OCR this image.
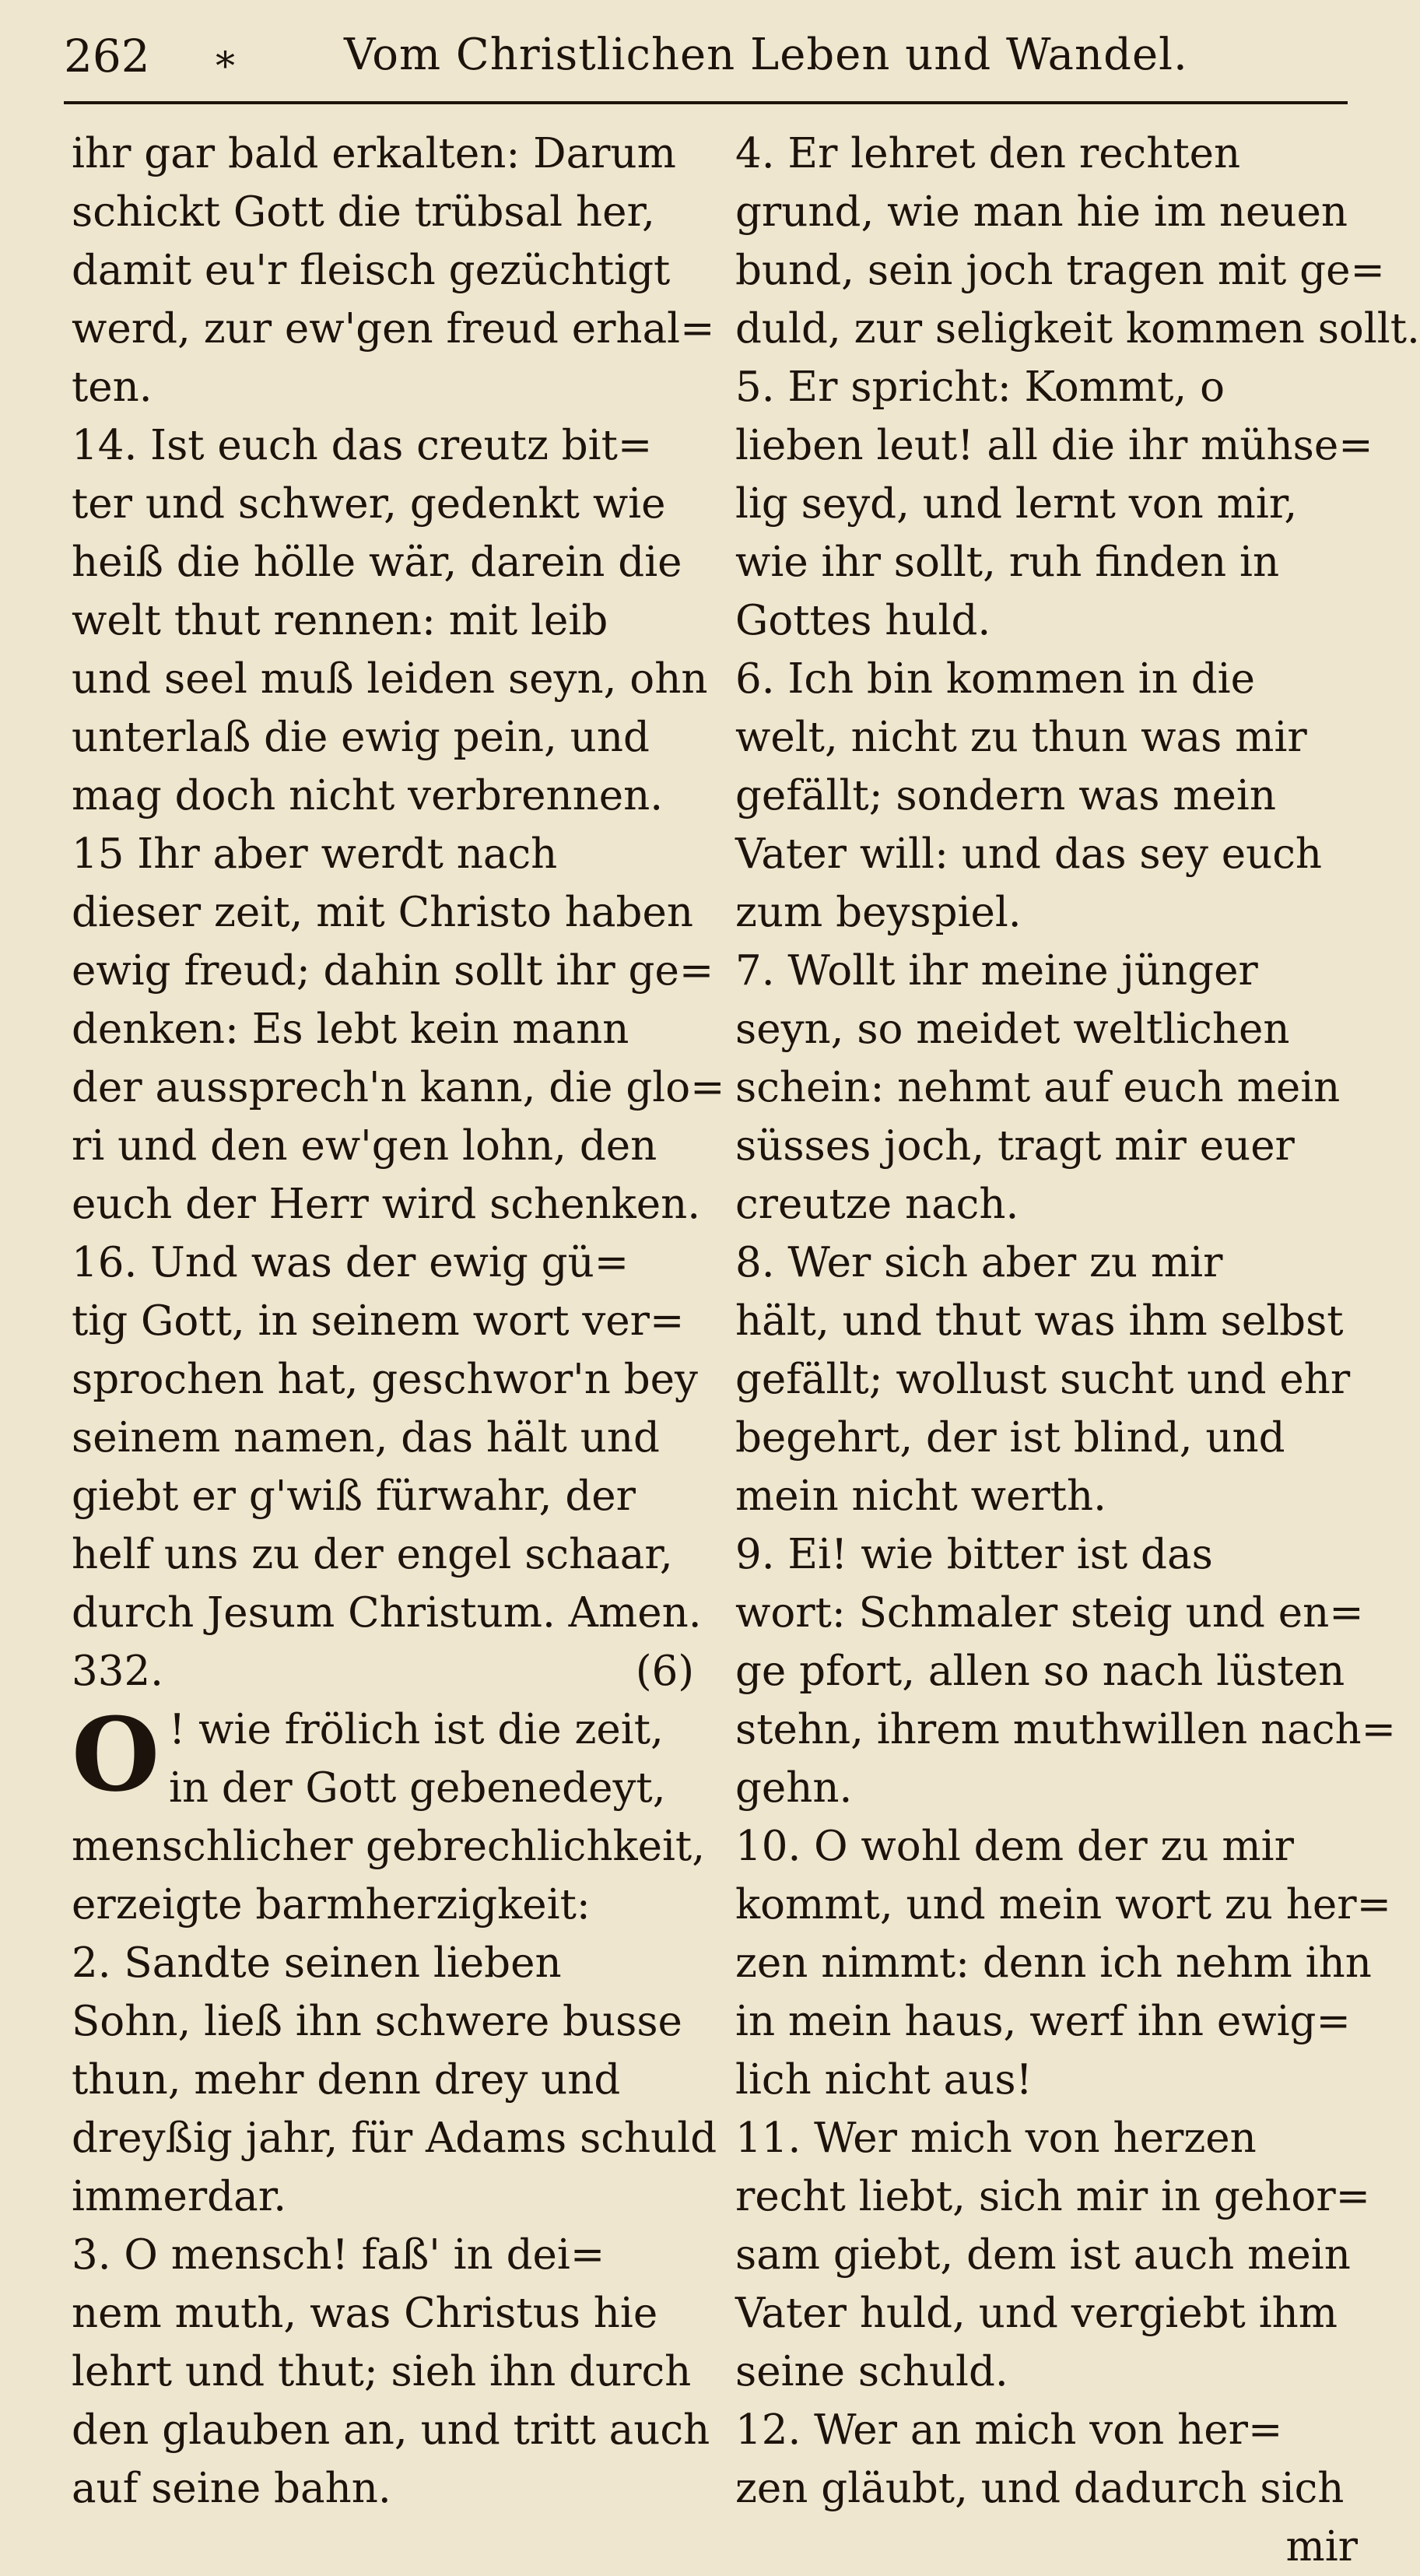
262 ⁎	Vom Christlichen Leben und Wandel.
ihr gar bald erkalten: Darum
schickt Gott die trübsal her,
damit eu'r fleisch gezüchtigt
werd, zur ew'gen freud erhal=
ten.
14. Ist euch das creutz bit=
ter und schwer, gedenkt wie
heiß die hölle wär, darein die
welt thut rennen: mit leib
und seel muß leiden seyn, ohn
unterlaß die ewig pein, und
mag doch nicht verbrennen.
15 Ihr aber werdt nach
dieser zeit, mit Christo haben
ewig freud; dahin sollt ihr ge=
denken: Es lebt kein mann
der aussprech'n kann, die glo=
ri und den ew'gen lohn, den
euch der Herr wird schenken.
16. Und was der ewig gü=
tig Gott, in seinem wort ver=
sprochen hat, geschwor'n bey
seinem namen, das hält und
giebt er g'wiß fürwahr, der
helf uns zu der engel schaar,
durch Jesum Christum. Amen.
332.	(6)
O ! wie frölich ist die zeit,
in der Gott gebenedeyt,
menschlicher gebrechlichkeit,
erzeigte barmherzigkeit:
2. Sandte seinen lieben
Sohn, ließ ihn schwere busse
thun, mehr denn drey und
dreyßig jahr, für Adams schuld
immerdar.
3. O mensch! faß' in dei=
nem muth, was Christus hie
lehrt und thut; sieh ihn durch
den glauben an, und tritt auch
auf seine bahn.
4. Er lehret den rechten
grund, wie man hie im neuen
bund, sein joch tragen mit ge=
duld, zur seligkeit kommen sollt.
5. Er spricht: Kommt, o
lieben leut! all die ihr mühse=
lig seyd, und lernt von mir,
wie ihr sollt, ruh finden in
Gottes huld.
6. Ich bin kommen in die
welt, nicht zu thun was mir
gefällt; sondern was mein
Vater will: und das sey euch
zum beyspiel.
7. Wollt ihr meine jünger
seyn, so meidet weltlichen
schein: nehmt auf euch mein
süsses joch, tragt mir euer
creutze nach.
8. Wer sich aber zu mir
hält, und thut was ihm selbst
gefällt; wollust sucht und ehr
begehrt, der ist blind, und
mein nicht werth.
9. Ei! wie bitter ist das
wort: Schmaler steig und en=
ge pfort, allen so nach lüsten
stehn, ihrem muthwillen nach=
gehn.
10. O wohl dem der zu mir
kommt, und mein wort zu her=
zen nimmt: denn ich nehm ihn
in mein haus, werf ihn ewig=
lich nicht aus!
11. Wer mich von herzen
recht liebt, sich mir in gehor=
sam giebt, dem ist auch mein
Vater huld, und vergiebt ihm
seine schuld.
12. Wer an mich von her=
zen gläubt, und dadurch sich
mir
